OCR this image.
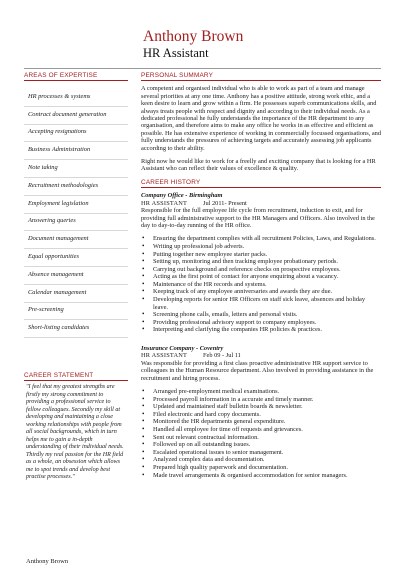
Anthony Brown
HR Assistant
AREAS OF EXPERTISE
HR processes & systems
Contract document generation
Accepting resignations
Business Administration
Note taking
Recruitment methodologies
Employment legislation
Answering queries
Document management
Equal opportunities
Absence management
Calendar management
Pre-screening
Short-listing candidates
CAREER STATEMENT
"I feel that my greatest strengths are firstly my strong commitment to providing a professional service to fellow colleagues. Secondly my skill at developing and maintaining a close working relationships with people from all social backgrounds, which in turn helps me to gain a in-depth understanding of their individual needs. Thirdly my real passion for the HR field as a whole, an obsession which allows me to spot trends and develop best practise processes."
Anthony Brown
PERSONAL SUMMARY

A competent and organised individual who is able to work as part of a team and manage several priorities at any one time. Anthony has a positive attitude, strong work ethic, and a keen desire to learn and grow within a firm. He possesses superb communications skills, and always treats people with respect and dignity and according to their individual needs. As a dedicated professional he fully understands the importance of the HR department to any organisation, and therefore aims to make any office he works in as effective and efficient as possible. He has extensive experience of working in commercially focussed organisations, and fully understands the pressures of achieving targets and accurately assessing job applicants according to their ability.

Right now he would like to work for a freelly and exciting company that is looking for a HR Assistant who can reflect their values of excellence & quality.

CAREER HISTORY
Company Office - Birmingham
HR ASSISTANT	Jul 2011- Present

Responsible for the full employee life cycle from recruitment, induction to exit, and for providing full administrative support to the HR Managers and Officers. Also involved in the day to day-to-day running of the HR office.

• Ensuring the department complies with all recruitment Policies, Laws, and Regulations.
• Writing up professional job adverts.
• Putting together new employee starter packs.
• Setting up, monitoring and then tracking employee probationary periods.
• Carrying out background and reference checks on prospective employees.
• Acting as the first point of contact for anyone enquiring about a vacancy.
• Maintenance of the HR records and systems.
• Keeping track of any employee anniversaries and awards they are due.
• Developing reports for senior HR Officers on staff sick leave, absences and holiday leave.
• Screening phone calls, emails, letters and personal visits.
• Providing professional advisory support to company employees.
• Interpreting and clarifying the companies HR policies & practices.
Insurance Company - Coventry
HR ASSISTANT	Feb 09 - Jul 11

Was responsible for providing a first class proactive administrative HR support service to colleagues in the Human Resource department. Also involved in providing assistance in the recruitment and hiring process.

• Arranged pre-employment medical examinations.
• Processed payroll information in a accurate and timely manner.
• Updated and maintained staff bulletin boards & newsletter.
• Filed electronic and hard copy documents.
• Monitored the HR departments general expenditure.
• Handled all employee for time off requests and grievances.
• Sent out relevant contractual information.
• Followed up on all outstanding issues.
• Escalated operational issues to senior management.
• Analyzed complex data and documentation.
• Prepared high quality paperwork and documentation.
• Made travel arrangements & organised accommodation for senior managers.
